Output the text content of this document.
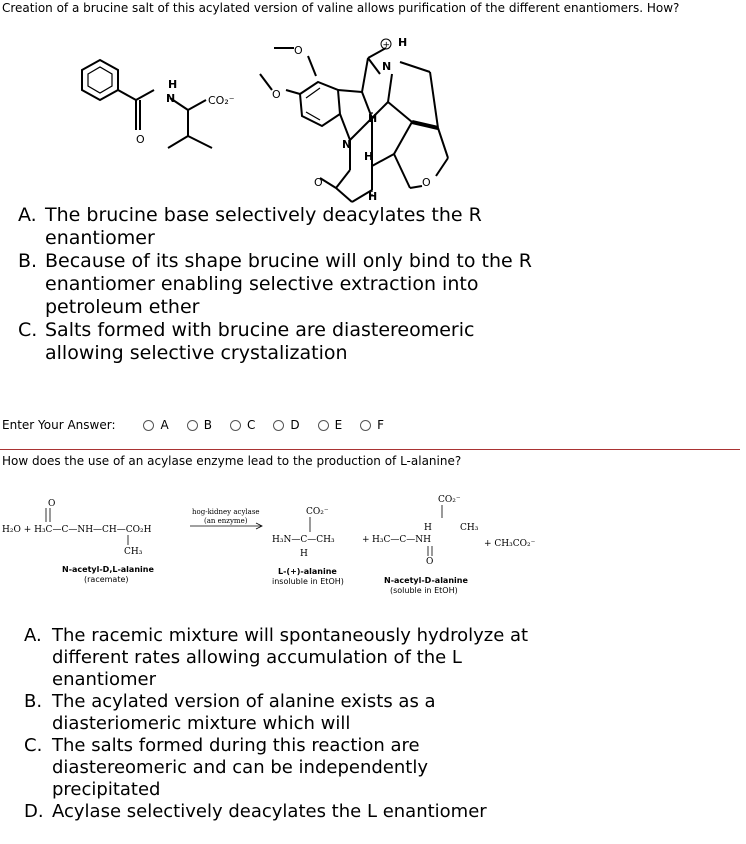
Creation of a brucine salt of this acylated version of valine allows purification of the different enantiomers. How?
H
N	CO₂⁻
O
O
O
H
N
H
H
H
N
O
O
+
A. The brucine base selectively deacylates the R
enantiomer
B. Because of its shape brucine will only bind to the R
enantiomer enabling selective extraction into
petroleum ether
C. Salts formed with brucine are diastereomeric
allowing selective crystalization
Enter Your Answer:	A	B	C	D	E	F
How does the use of an acylase enzyme lead to the production of L-alanine?
O
H₂O + H₃C—C—NH—CH—CO₂H
CH₃
hog-kidney acylase
(an enzyme)
CO₂⁻
H₃N—C—CH₃
H
+
CO₂⁻
H	CH₃
H₃C—C—NH
O
+ CH₃CO₂⁻
N-acetyl-D,L-alanine
(racemate)
L-(+)-alanine
insoluble in EtOH)	N-acetyl-D-alanine
(soluble in EtOH)
A. The racemic mixture will spontaneously hydrolyze at
different rates allowing accumulation of the L
enantiomer
B. The acylated version of alanine exists as a
diasteriomeric mixture which will
C. The salts formed during this reaction are
diastereomeric and can be independently
precipitated
D. Acylase selectively deacylates the L enantiomer
